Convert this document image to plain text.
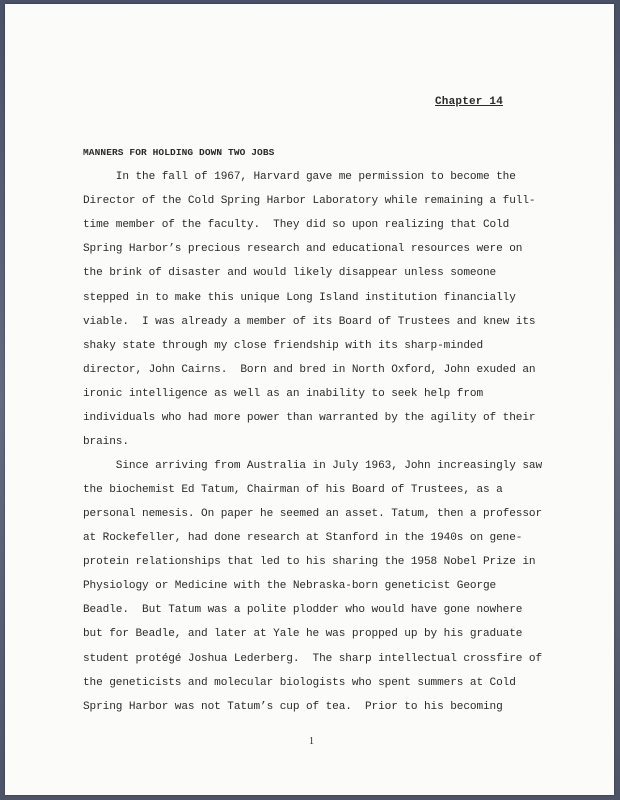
Chapter 14
MANNERS FOR HOLDING DOWN TWO JOBS
In the fall of 1967, Harvard gave me permission to become the
Director of the Cold Spring Harbor Laboratory while remaining a full-
time member of the faculty.  They did so upon realizing that Cold
Spring Harbor’s precious research and educational resources were on
the brink of disaster and would likely disappear unless someone
stepped in to make this unique Long Island institution financially
viable.  I was already a member of its Board of Trustees and knew its
shaky state through my close friendship with its sharp-minded
director, John Cairns.  Born and bred in North Oxford, John exuded an
ironic intelligence as well as an inability to seek help from
individuals who had more power than warranted by the agility of their
brains.
Since arriving from Australia in July 1963, John increasingly saw
the biochemist Ed Tatum, Chairman of his Board of Trustees, as a
personal nemesis. On paper he seemed an asset. Tatum, then a professor
at Rockefeller, had done research at Stanford in the 1940s on gene-
protein relationships that led to his sharing the 1958 Nobel Prize in
Physiology or Medicine with the Nebraska-born geneticist George
Beadle.  But Tatum was a polite plodder who would have gone nowhere
but for Beadle, and later at Yale he was propped up by his graduate
student protégé Joshua Lederberg.  The sharp intellectual crossfire of
the geneticists and molecular biologists who spent summers at Cold
Spring Harbor was not Tatum’s cup of tea.  Prior to his becoming
1
